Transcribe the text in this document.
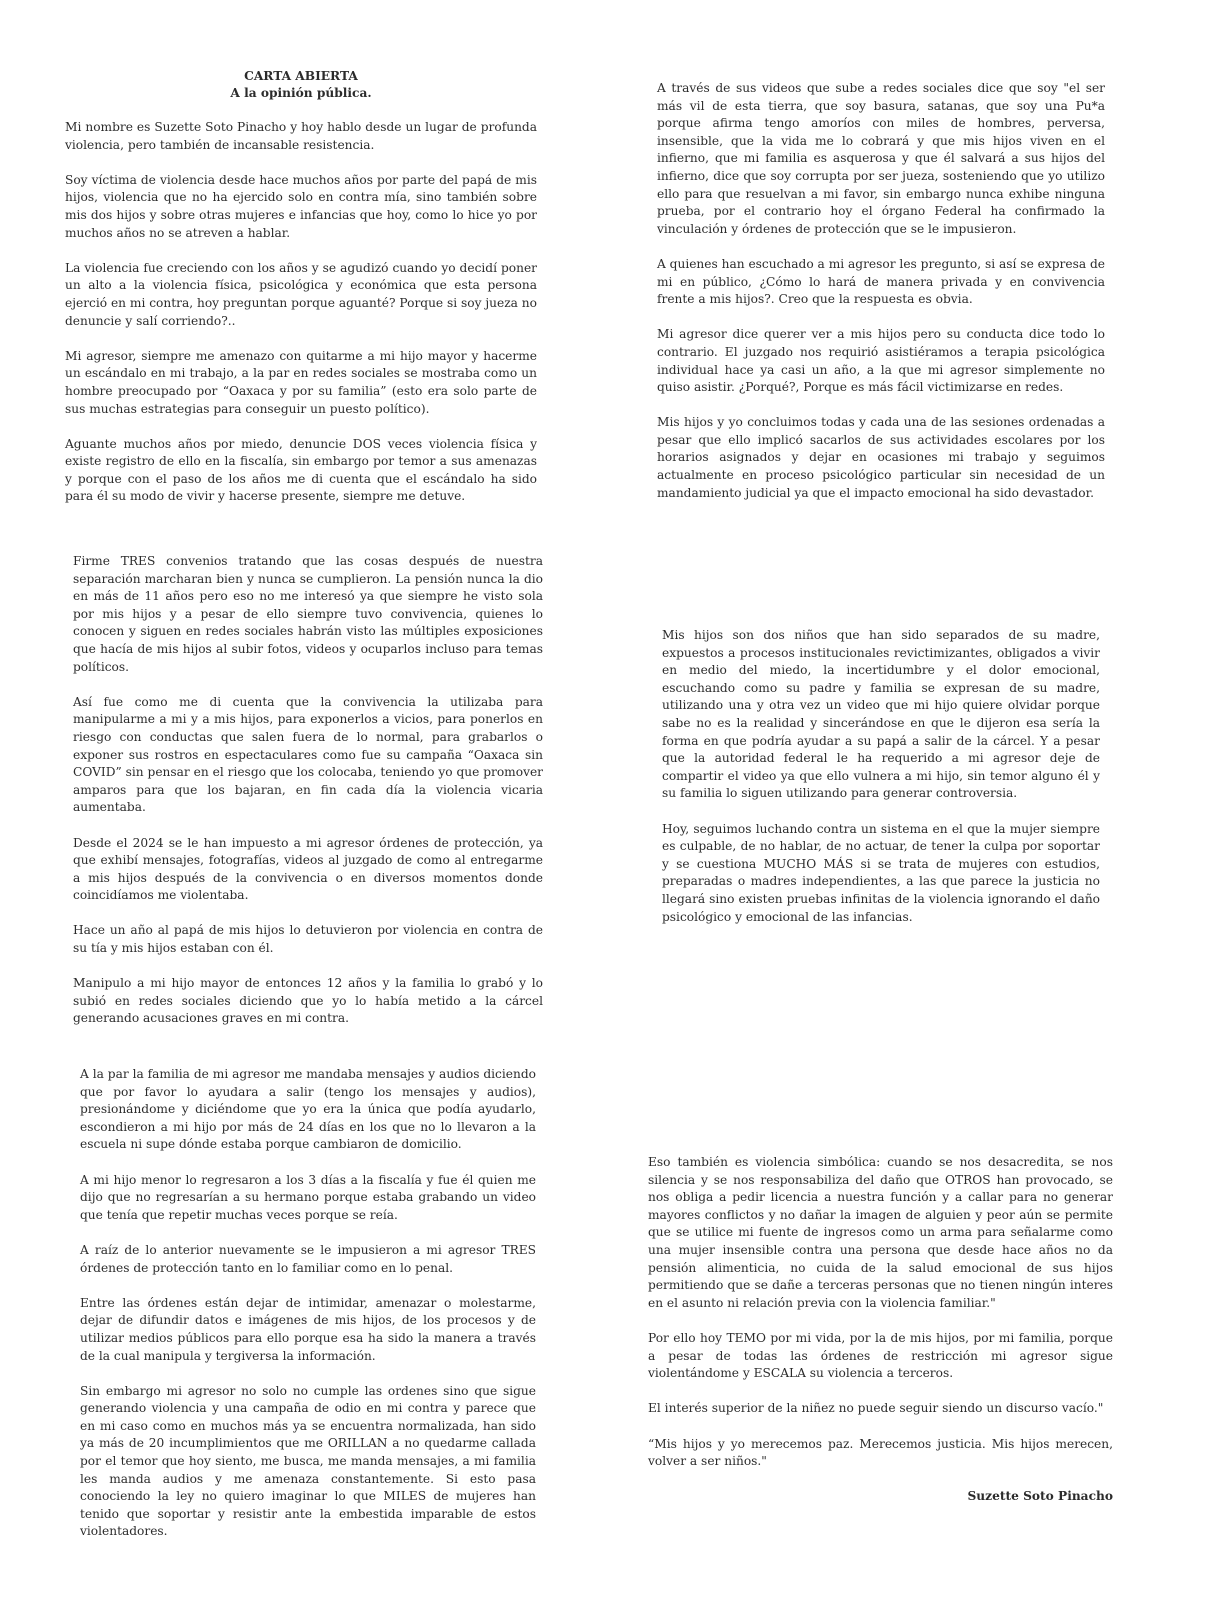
CARTA ABIERTA
A la opinión pública.

Mi nombre es Suzette Soto Pinacho y hoy hablo desde un lugar de profunda violencia, pero también de incansable resistencia.

Soy víctima de violencia desde hace muchos años por parte del papá de mis hijos, violencia que no ha ejercido solo en contra mía, sino también sobre mis dos hijos y sobre otras mujeres e infancias que hoy, como lo hice yo por muchos años no se atreven a hablar.

La violencia fue creciendo con los años y se agudizó cuando yo decidí poner un alto a la violencia física, psicológica y económica que esta persona ejerció en mi contra, hoy preguntan porque aguanté? Porque si soy jueza no denuncie y salí corriendo?..

Mi agresor, siempre me amenazo con quitarme a mi hijo mayor y hacerme un escándalo en mi trabajo, a la par en redes sociales se mostraba como un hombre preocupado por “Oaxaca y por su familia” (esto era solo parte de sus muchas estrategias para conseguir un puesto político).

Aguante muchos años por miedo, denuncie DOS veces violencia física y existe registro de ello en la fiscalía, sin embargo por temor a sus amenazas y porque con el paso de los años me di cuenta que el escándalo ha sido para él su modo de vivir y hacerse presente, siempre me detuve.

A través de sus videos que sube a redes sociales dice que soy "el ser más vil de esta tierra, que soy basura, satanas, que soy una Pu*a porque afirma tengo amoríos con miles de hombres, perversa, insensible, que la vida me lo cobrará y que mis hijos viven en el infierno, que mi familia es asquerosa y que él salvará a sus hijos del infierno, dice que soy corrupta por ser jueza, sosteniendo que yo utilizo ello para que resuelvan a mi favor, sin embargo nunca exhibe ninguna prueba, por el contrario hoy el órgano Federal ha confirmado la vinculación y órdenes de protección que se le impusieron.

A quienes han escuchado a mi agresor les pregunto, si así se expresa de mi en público, ¿Cómo lo hará de manera privada y en convivencia frente a mis hijos?. Creo que la respuesta es obvia.

Mi agresor dice querer ver a mis hijos pero su conducta dice todo lo contrario. El juzgado nos requirió asistiéramos a terapia psicológica individual hace ya casi un año, a la que mi agresor simplemente no quiso asistir. ¿Porqué?, Porque es más fácil victimizarse en redes.

Mis hijos y yo concluimos todas y cada una de las sesiones ordenadas a pesar que ello implicó sacarlos de sus actividades escolares por los horarios asignados y dejar en ocasiones mi trabajo y seguimos actualmente en proceso psicológico particular sin necesidad de un mandamiento judicial ya que el impacto emocional ha sido devastador.

Firme TRES convenios tratando que las cosas después de nuestra separación marcharan bien y nunca se cumplieron. La pensión nunca la dio en más de 11 años pero eso no me interesó ya que siempre he visto sola por mis hijos y a pesar de ello siempre tuvo convivencia, quienes lo conocen y siguen en redes sociales habrán visto las múltiples exposiciones que hacía de mis hijos al subir fotos, videos y ocuparlos incluso para temas políticos.

Así fue como me di cuenta que la convivencia la utilizaba para manipularme a mi y a mis hijos, para exponerlos a vicios, para ponerlos en riesgo con conductas que salen fuera de lo normal, para grabarlos o exponer sus rostros en espectaculares como fue su campaña “Oaxaca sin COVID” sin pensar en el riesgo que los colocaba, teniendo yo que promover amparos para que los bajaran, en fin cada día la violencia vicaria aumentaba.

Desde el 2024 se le han impuesto a mi agresor órdenes de protección, ya que exhibí mensajes, fotografías, videos al juzgado de como al entregarme a mis hijos después de la convivencia o en diversos momentos donde coincidíamos me violentaba.

Hace un año al papá de mis hijos lo detuvieron por violencia en contra de su tía y mis hijos estaban con él.

Manipulo a mi hijo mayor de entonces 12 años y la familia lo grabó y lo subió en redes sociales diciendo que yo lo había metido a la cárcel generando acusaciones graves en mi contra.

Mis hijos son dos niños que han sido separados de su madre, expuestos a procesos institucionales revictimizantes, obligados a vivir en medio del miedo, la incertidumbre y el dolor emocional, escuchando como su padre y familia se expresan de su madre, utilizando una y otra vez un video que mi hijo quiere olvidar porque sabe no es la realidad y sincerándose en que le dijeron esa sería la forma en que podría ayudar a su papá a salir de la cárcel. Y a pesar que la autoridad federal le ha requerido a mi agresor deje de compartir el video ya que ello vulnera a mi hijo, sin temor alguno él y su familia lo siguen utilizando para generar controversia.

Hoy, seguimos luchando contra un sistema en el que la mujer siempre es culpable, de no hablar, de no actuar, de tener la culpa por soportar y se cuestiona MUCHO MÁS si se trata de mujeres con estudios, preparadas o madres independientes, a las que parece la justicia no llegará sino existen pruebas infinitas de la violencia ignorando el daño psicológico y emocional de las infancias.

A la par la familia de mi agresor me mandaba mensajes y audios diciendo que por favor lo ayudara a salir (tengo los mensajes y audios), presionándome y diciéndome que yo era la única que podía ayudarlo, escondieron a mi hijo por más de 24 días en los que no lo llevaron a la escuela ni supe dónde estaba porque cambiaron de domicilio.

A mi hijo menor lo regresaron a los 3 días a la fiscalía y fue él quien me dijo que no regresarían a su hermano porque estaba grabando un video que tenía que repetir muchas veces porque se reía.

A raíz de lo anterior nuevamente se le impusieron a mi agresor TRES órdenes de protección tanto en lo familiar como en lo penal.

Entre las órdenes están dejar de intimidar, amenazar o molestarme, dejar de difundir datos e imágenes de mis hijos, de los procesos y de utilizar medios públicos para ello porque esa ha sido la manera a través de la cual manipula y tergiversa la información.

Sin embargo mi agresor no solo no cumple las ordenes sino que sigue generando violencia y una campaña de odio en mi contra y parece que en mi caso como en muchos más ya se encuentra normalizada, han sido ya más de 20 incumplimientos que me ORILLAN a no quedarme callada por el temor que hoy siento, me busca, me manda mensajes, a mi familia les manda audios y me amenaza constantemente. Si esto pasa conociendo la ley no quiero imaginar lo que MILES de mujeres han tenido que soportar y resistir ante la embestida imparable de estos violentadores.

Eso también es violencia simbólica: cuando se nos desacredita, se nos silencia y se nos responsabiliza del daño que OTROS han provocado, se nos obliga a pedir licencia a nuestra función y a callar para no generar mayores conflictos y no dañar la imagen de alguien y peor aún se permite que se utilice mi fuente de ingresos como un arma para señalarme como una mujer insensible contra una persona que desde hace años no da pensión alimenticia, no cuida de la salud emocional de sus hijos permitiendo que se dañe a terceras personas que no tienen ningún interes en el asunto ni relación previa con la violencia familiar."

Por ello hoy TEMO por mi vida, por la de mis hijos, por mi familia, porque a pesar de todas las órdenes de restricción mi agresor sigue violentándome y ESCALA su violencia a terceros.

El interés superior de la niñez no puede seguir siendo un discurso vacío."

“Mis hijos y yo merecemos paz. Merecemos justicia. Mis hijos merecen, volver a ser niños."

Suzette Soto Pinacho
